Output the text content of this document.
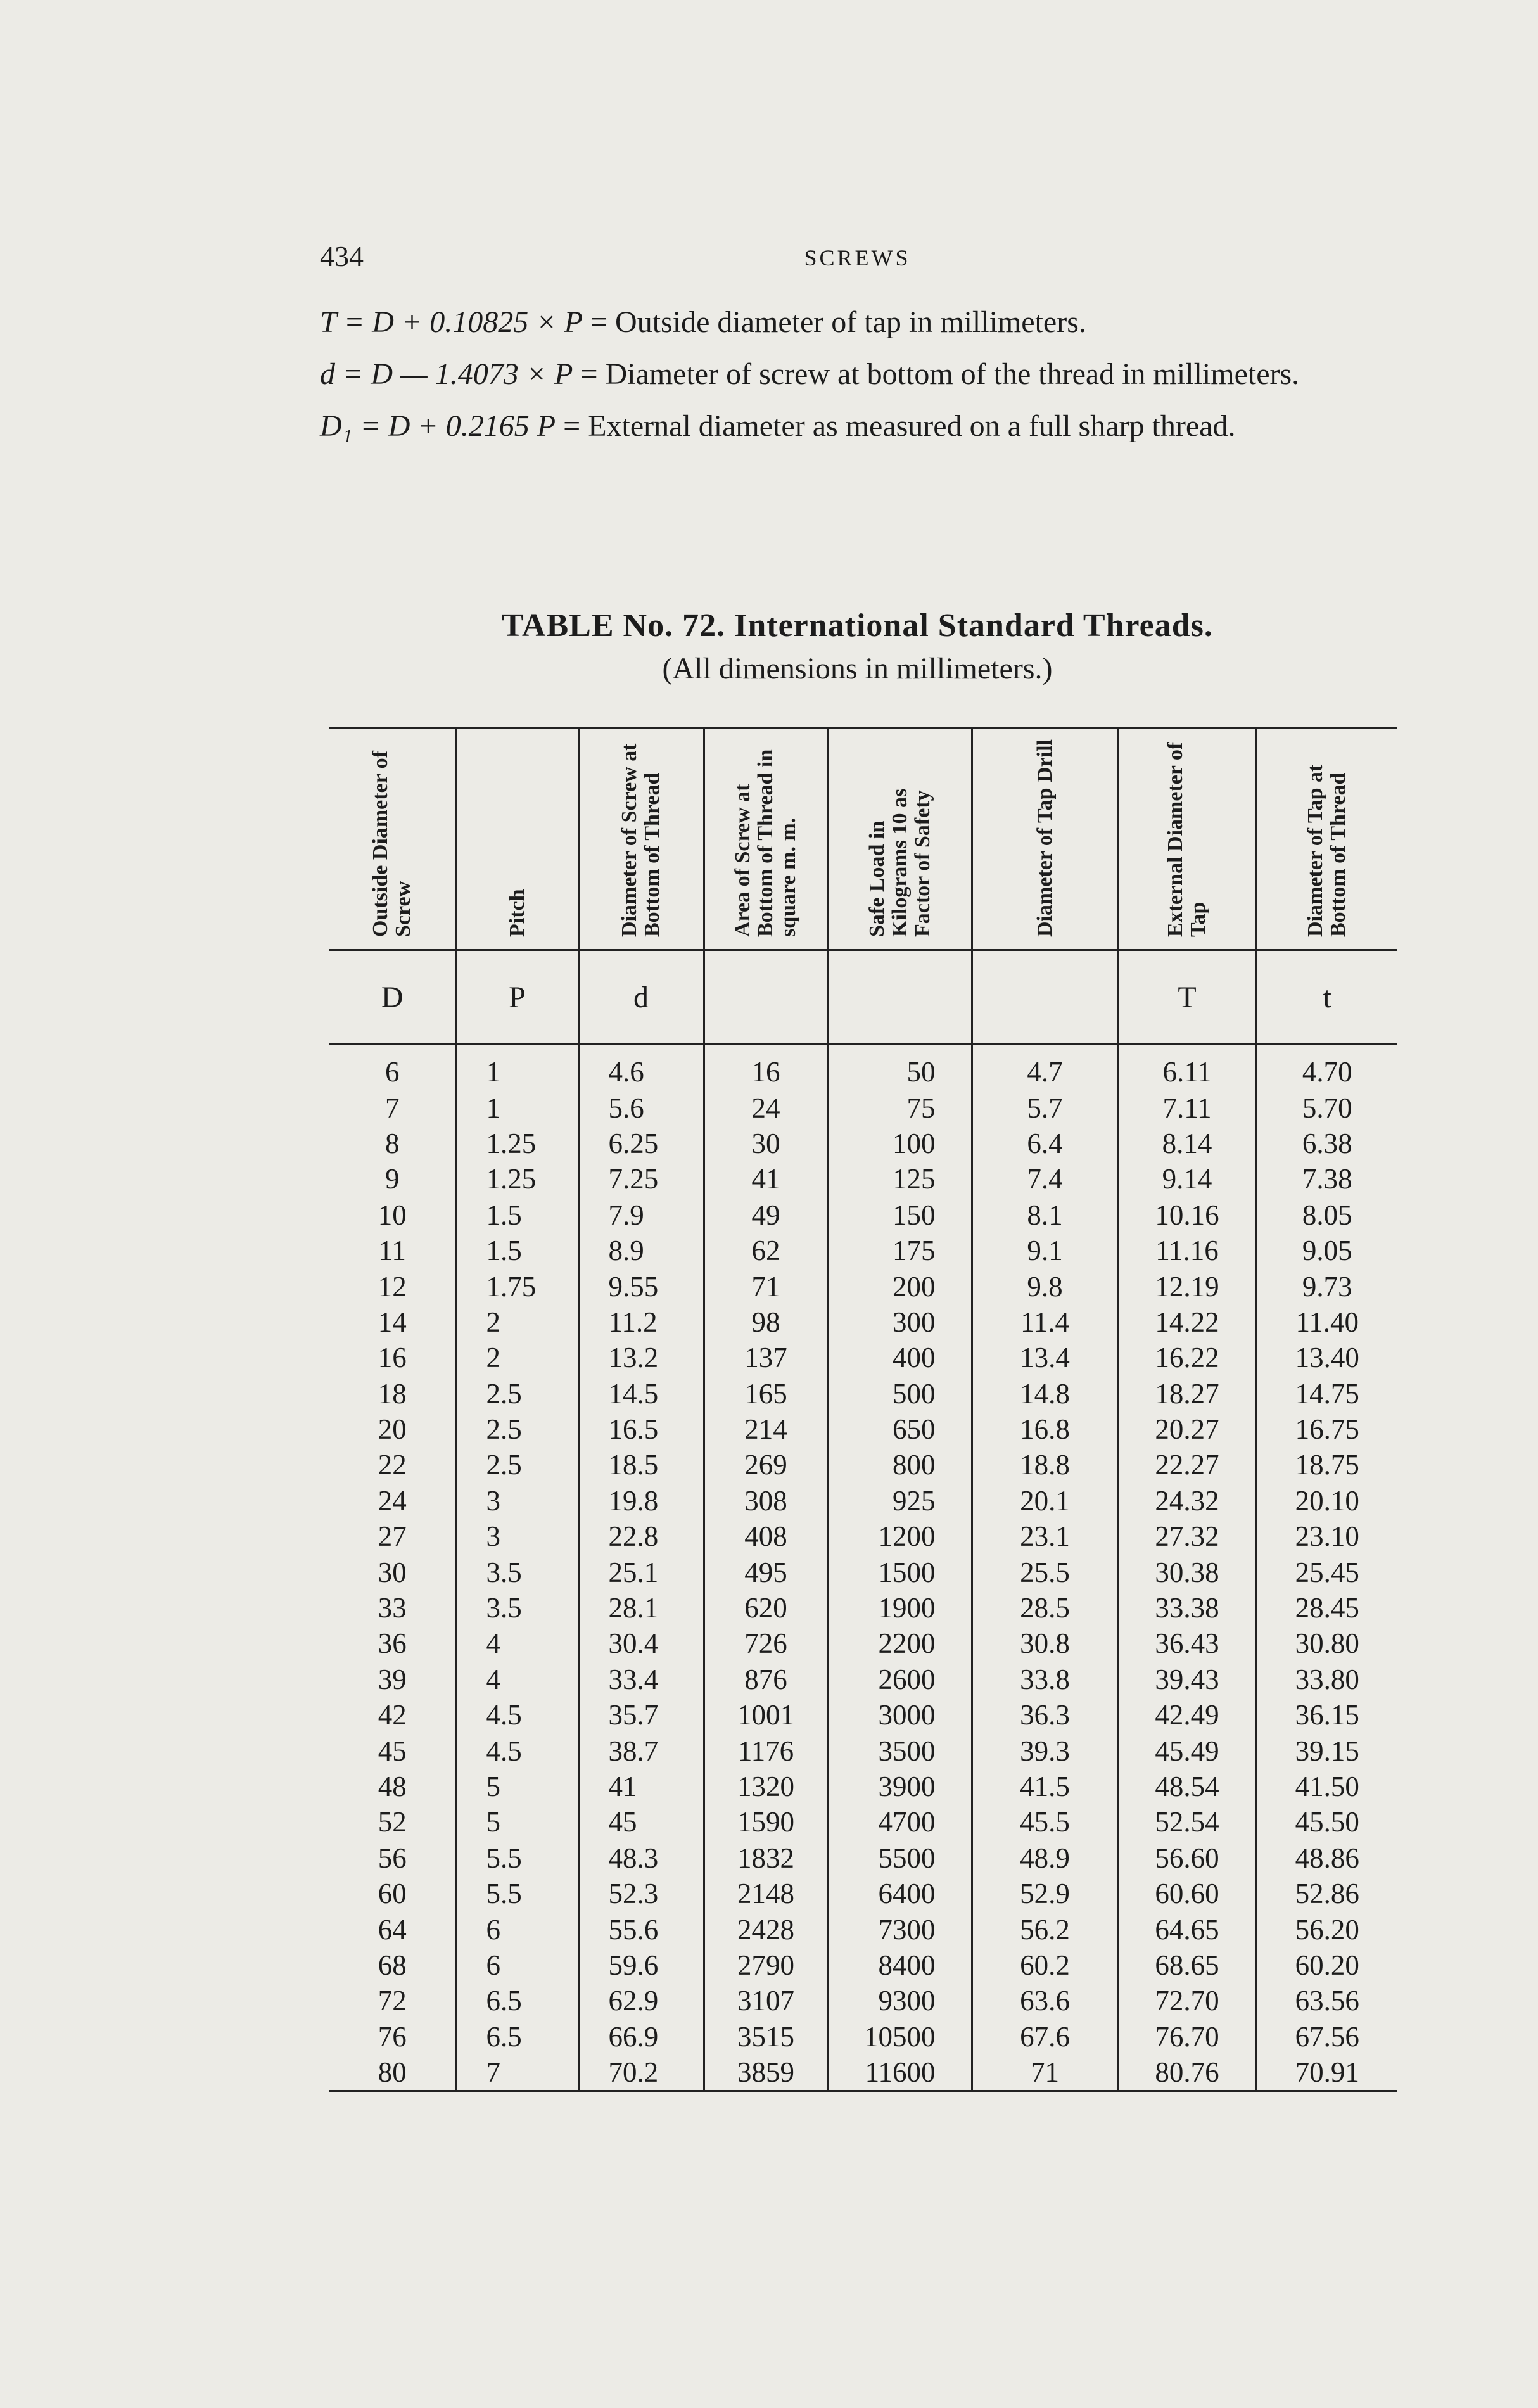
434	SCREWS

T = D + 0.10825 × P = Outside diameter of tap in millimeters.

d = D — 1.4073 × P = Diameter of screw at bottom of the thread in millimeters.

D₁ = D + 0.2165 P = External diameter as measured on a full sharp thread.

TABLE No. 72. International Standard Threads.
(All dimensions in millimeters.)
Outside Diameter of Screw	Pitch	Diameter of Screw at Bottom of Thread	Area of Screw at Bottom of Thread in square m. m.	Safe Load in Kilograms 10 as Factor of Safety	Diameter of Tap Drill	External Diameter of Tap	Diameter of Tap at Bottom of Thread
D	P	d				T	t

6	1	4.6	16	50	4.7	6.11	4.70
7	1	5.6	24	75	5.7	7.11	5.70
8	1.25	6.25	30	100	6.4	8.14	6.38
9	1.25	7.25	41	125	7.4	9.14	7.38
10	1.5	7.9	49	150	8.1	10.16	8.05
11	1.5	8.9	62	175	9.1	11.16	9.05
12	1.75	9.55	71	200	9.8	12.19	9.73
14	2	11.2	98	300	11.4	14.22	11.40
16	2	13.2	137	400	13.4	16.22	13.40
18	2.5	14.5	165	500	14.8	18.27	14.75
20	2.5	16.5	214	650	16.8	20.27	16.75
22	2.5	18.5	269	800	18.8	22.27	18.75
24	3	19.8	308	925	20.1	24.32	20.10
27	3	22.8	408	1200	23.1	27.32	23.10
30	3.5	25.1	495	1500	25.5	30.38	25.45
33	3.5	28.1	620	1900	28.5	33.38	28.45
36	4	30.4	726	2200	30.8	36.43	30.80
39	4	33.4	876	2600	33.8	39.43	33.80
42	4.5	35.7	1001	3000	36.3	42.49	36.15
45	4.5	38.7	1176	3500	39.3	45.49	39.15
48	5	41	1320	3900	41.5	48.54	41.50
52	5	45	1590	4700	45.5	52.54	45.50
56	5.5	48.3	1832	5500	48.9	56.60	48.86
60	5.5	52.3	2148	6400	52.9	60.60	52.86
64	6	55.6	2428	7300	56.2	64.65	56.20
68	6	59.6	2790	8400	60.2	68.65	60.20
72	6.5	62.9	3107	9300	63.6	72.70	63.56
76	6.5	66.9	3515	10500	67.6	76.70	67.56
80	7	70.2	3859	11600	71	80.76	70.91
